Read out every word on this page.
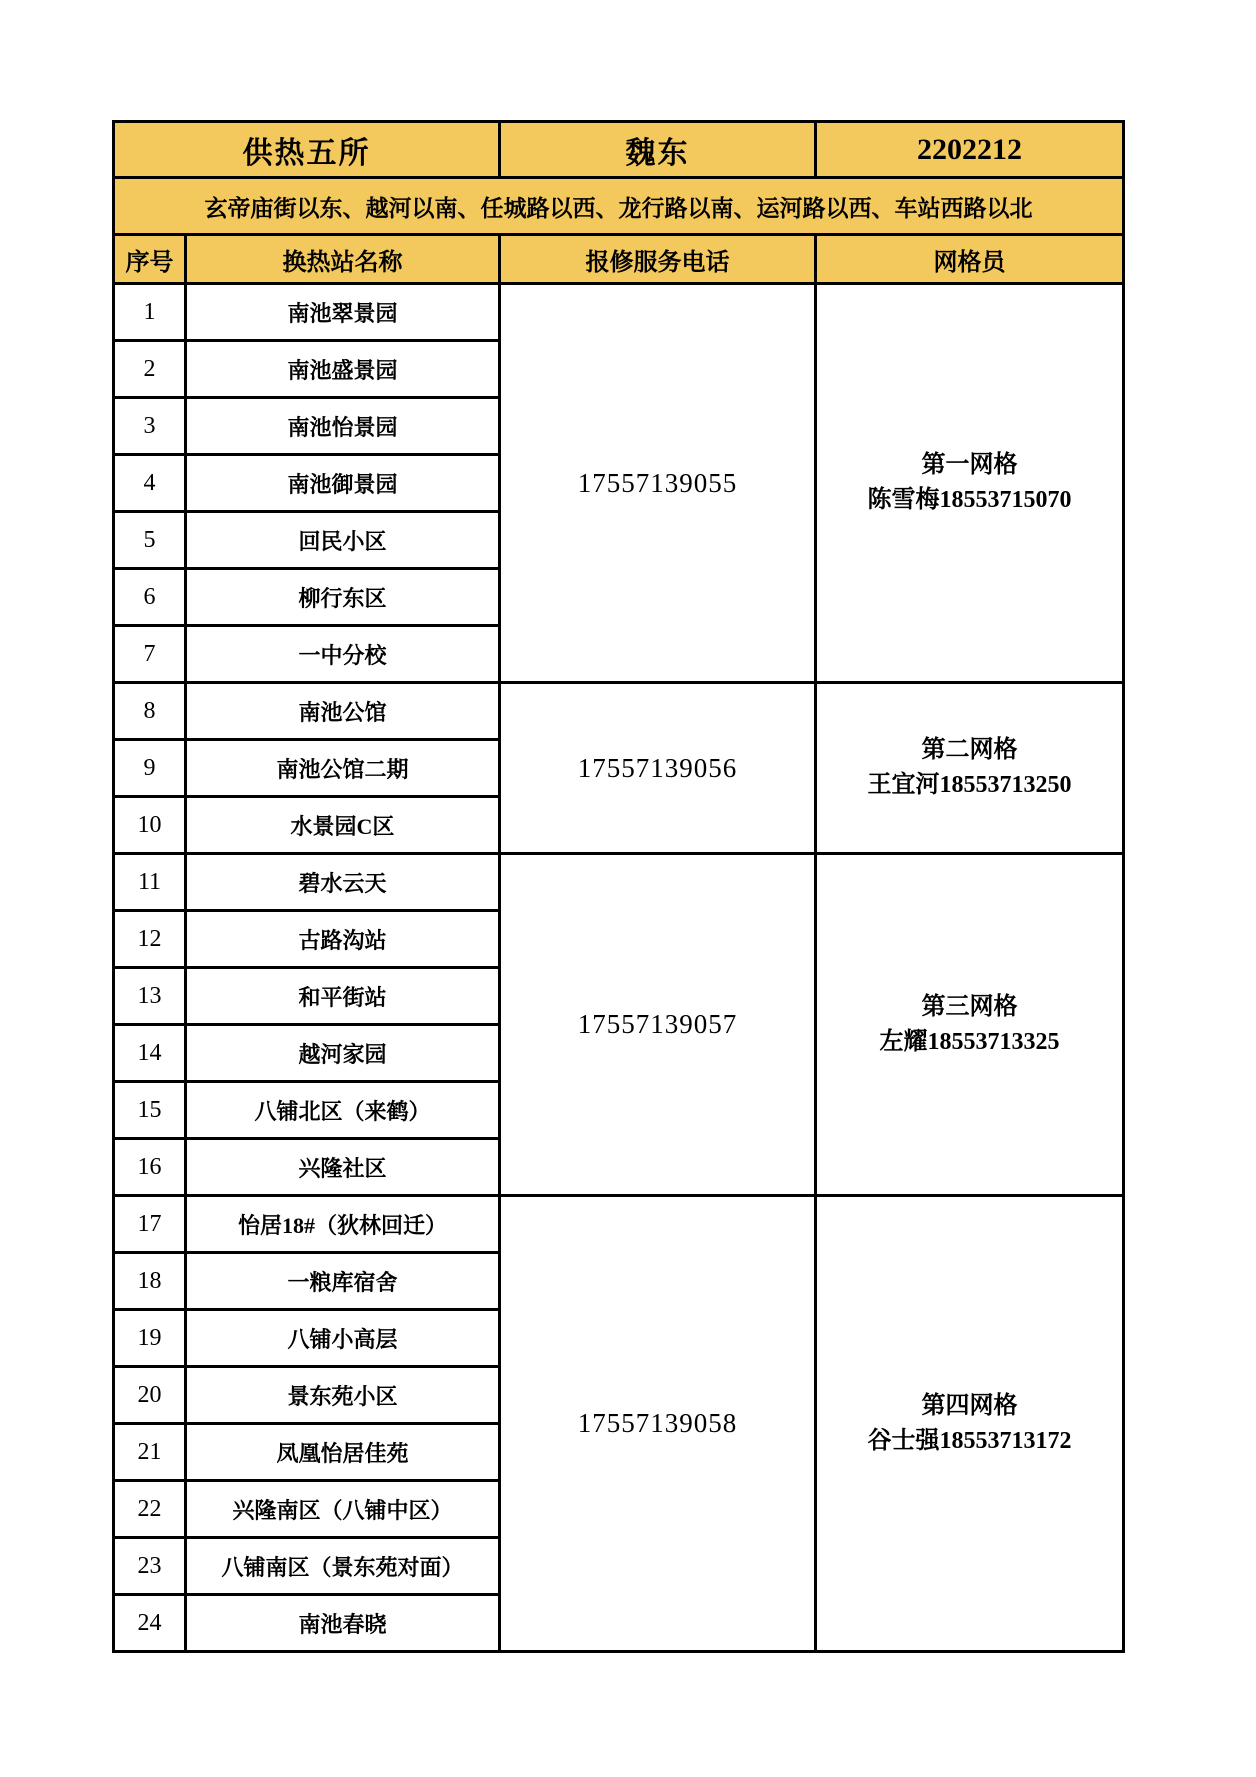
供热五所		魏东	2202212
玄帝庙街以东、越河以南、任城路以西、龙行路以南、运河路以西、车站西路以北			
序号	换热站名称	报修服务电话	网格员
1	南池翠景园	17557139055	第一网格
陈雪梅18553715070

2	南池盛景园		
3	南池怡景园		
4	南池御景园		
5	回民小区		
6	柳行东区		
7	一中分校		
8	南池公馆	17557139056	第二网格
王宜河18553713250

9	南池公馆二期		
10	水景园C区		
11	碧水云天	17557139057	第三网格
左耀18553713325

12	古路沟站		
13	和平街站		
14	越河家园		
15	八铺北区（来鹤）		
16	兴隆社区		
17	怡居18#（狄林回迁）	17557139058	第四网格
谷士强18553713172

18	一粮库宿舍		
19	八铺小高层		
20	景东苑小区		
21	凤凰怡居佳苑		
22	兴隆南区（八铺中区）		
23	八铺南区（景东苑对面）		
24	南池春晓		
